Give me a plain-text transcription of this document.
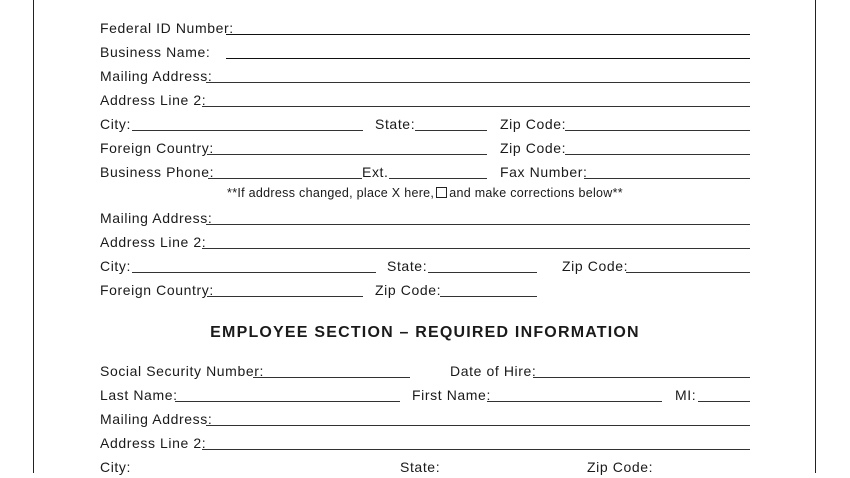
Federal ID Number:
Business Name:
Mailing Address:
Address Line 2:
City:	State:	Zip Code:
Foreign Country:	Zip Code:
Business Phone:	Ext.	Fax Number:
**If address changed, place X here, and make corrections below**
Mailing Address:
Address Line 2:
City:	State:	Zip Code:
Foreign Country:	Zip Code:
EMPLOYEE SECTION – REQUIRED INFORMATION
Social Security Number:	Date of Hire:
Last Name:	First Name:	MI:
Mailing Address:
Address Line 2:
City:	State:	Zip Code:
